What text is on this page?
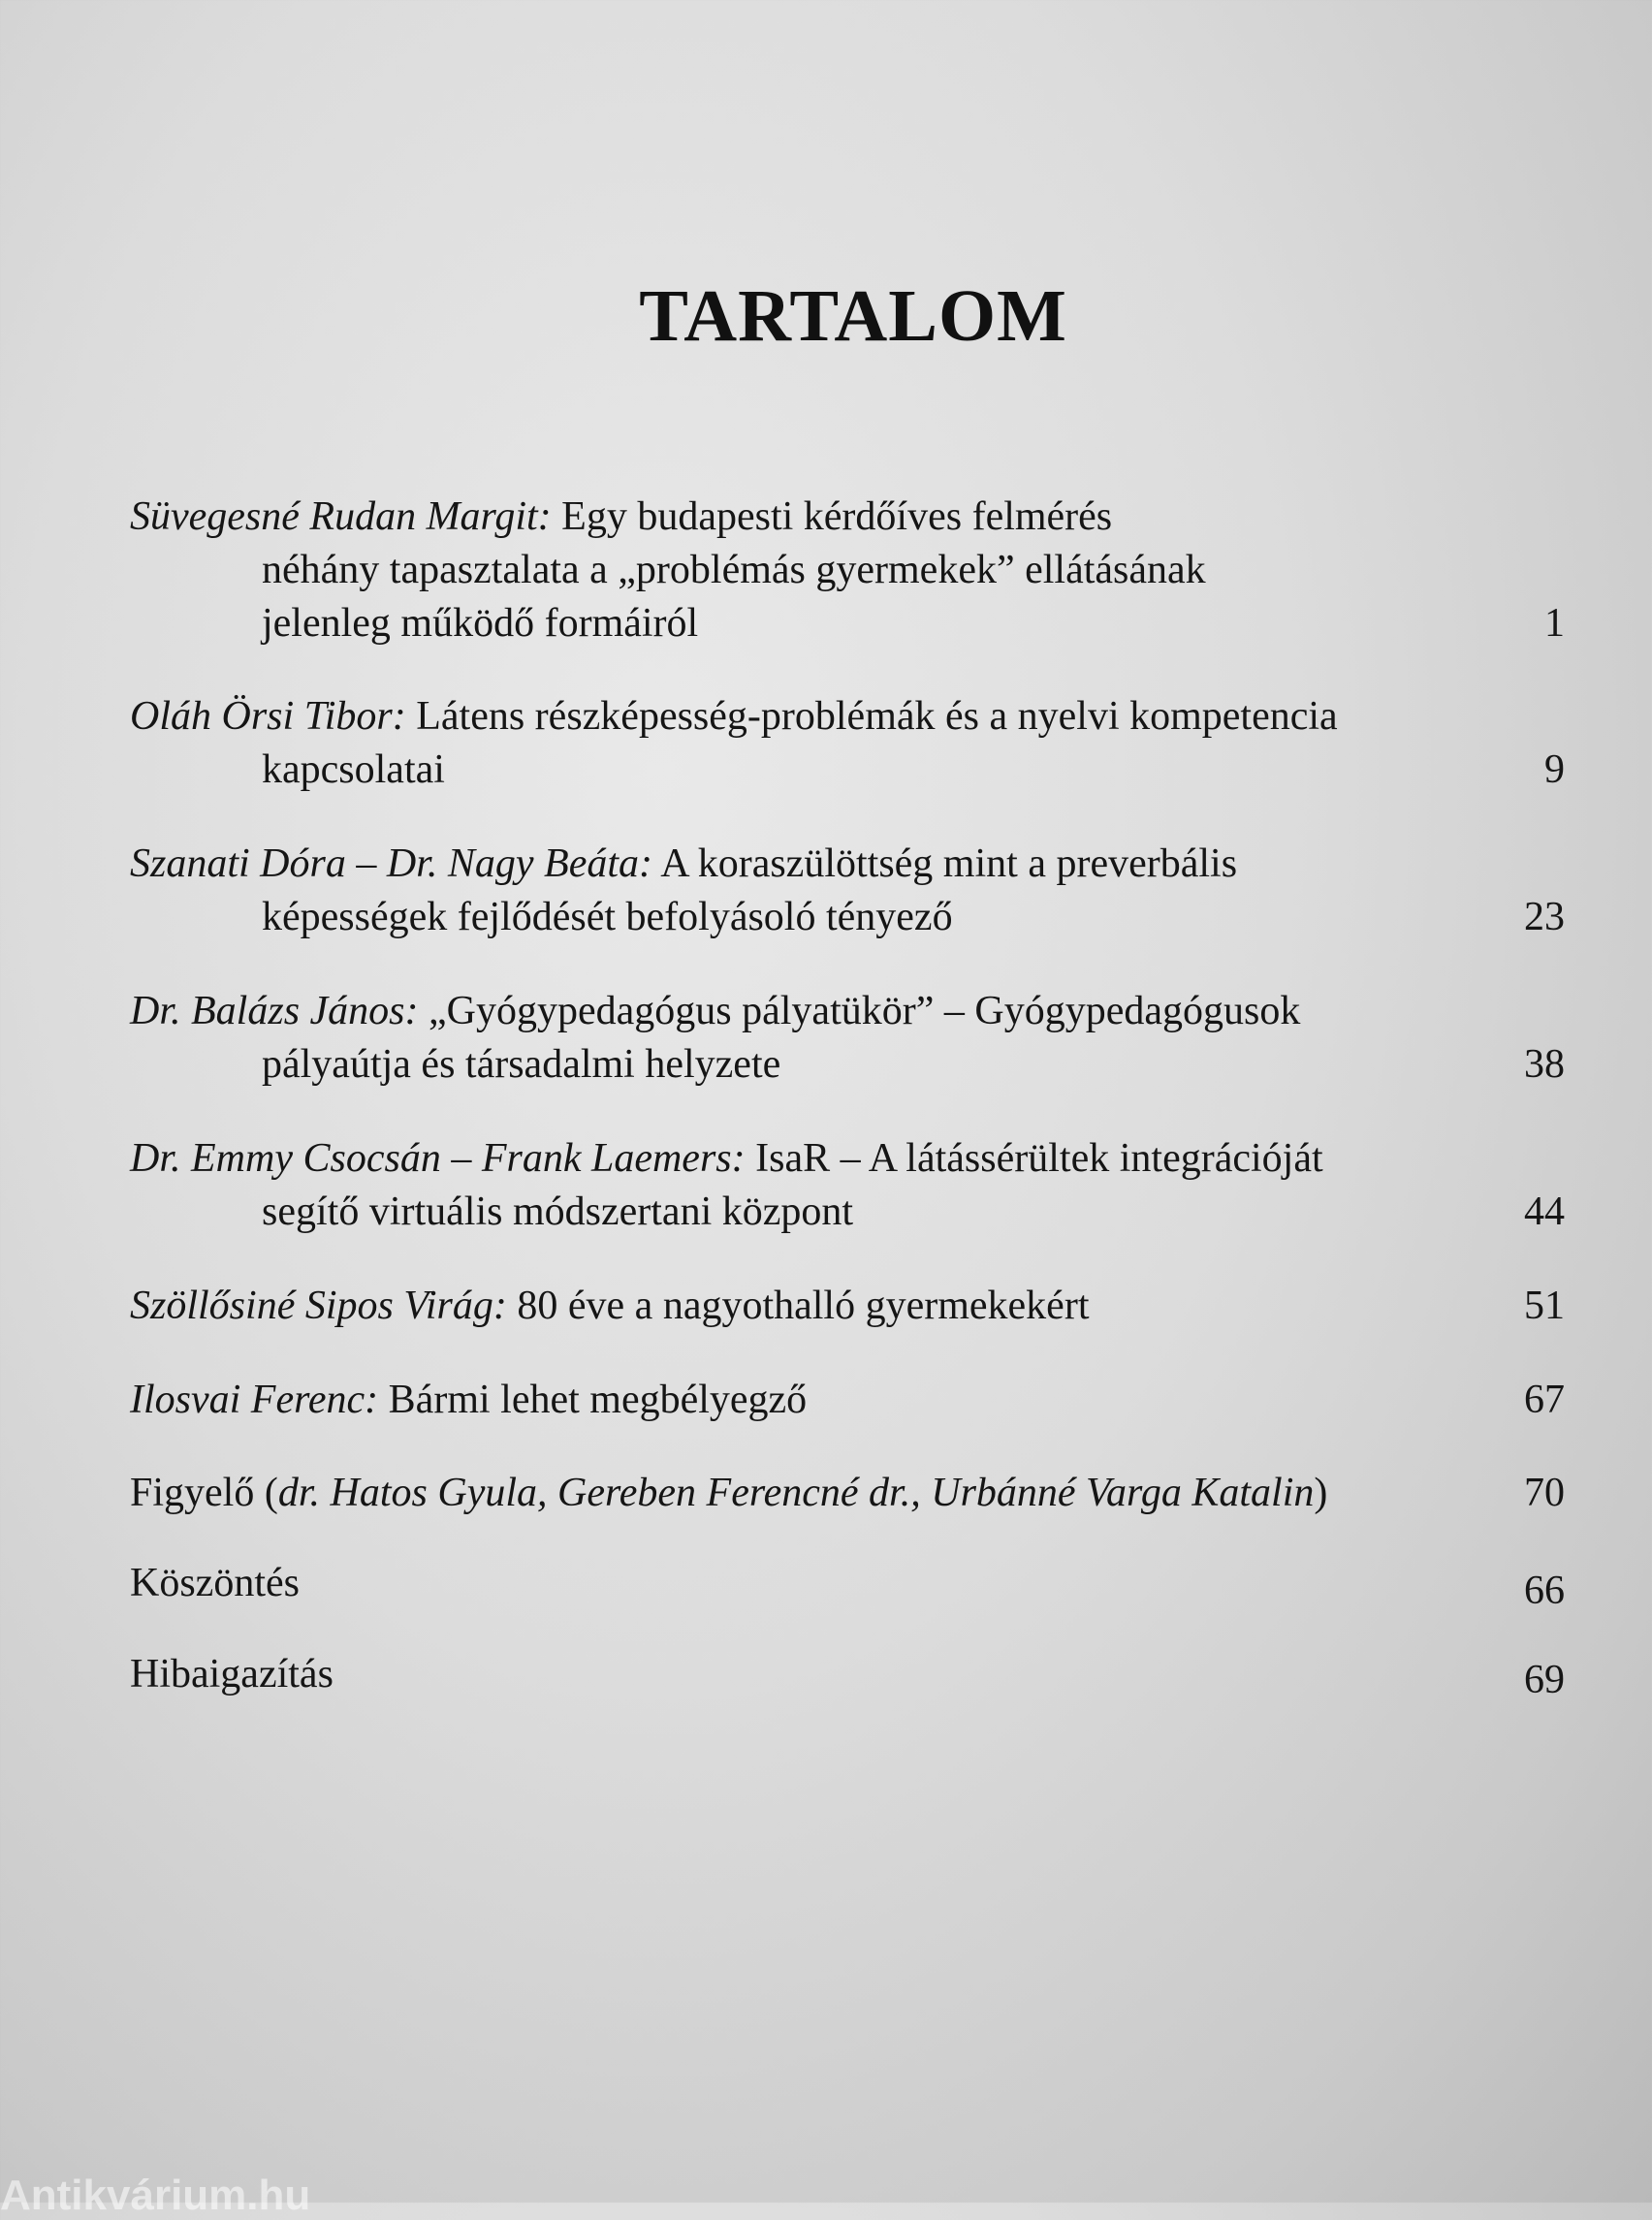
TARTALOM
Süvegesné Rudan Margit: Egy budapesti kérdőíves felmérés
néhány tapasztalata a „problémás gyermekek” ellátásának
jelenleg működő formáiról	1
Oláh Örsi Tibor: Látens részképesség-problémák és a nyelvi kompetencia
kapcsolatai	9
Szanati Dóra – Dr. Nagy Beáta: A koraszülöttség mint a preverbális
képességek fejlődését befolyásoló tényező	23
Dr. Balázs János: „Gyógypedagógus pályatükör” – Gyógypedagógusok
pályaútja és társadalmi helyzete	38
Dr. Emmy Csocsán – Frank Laemers: IsaR – A látássérültek integrációját
segítő virtuális módszertani központ	44
Szöllősiné Sipos Virág: 80 éve a nagyothalló gyermekekért	51
Ilosvai Ferenc: Bármi lehet megbélyegző	67
Figyelő (dr. Hatos Gyula, Gereben Ferencné dr., Urbánné Varga Katalin)	70
Köszöntés	66
Hibaigazítás	69
Antikvárium.hu
